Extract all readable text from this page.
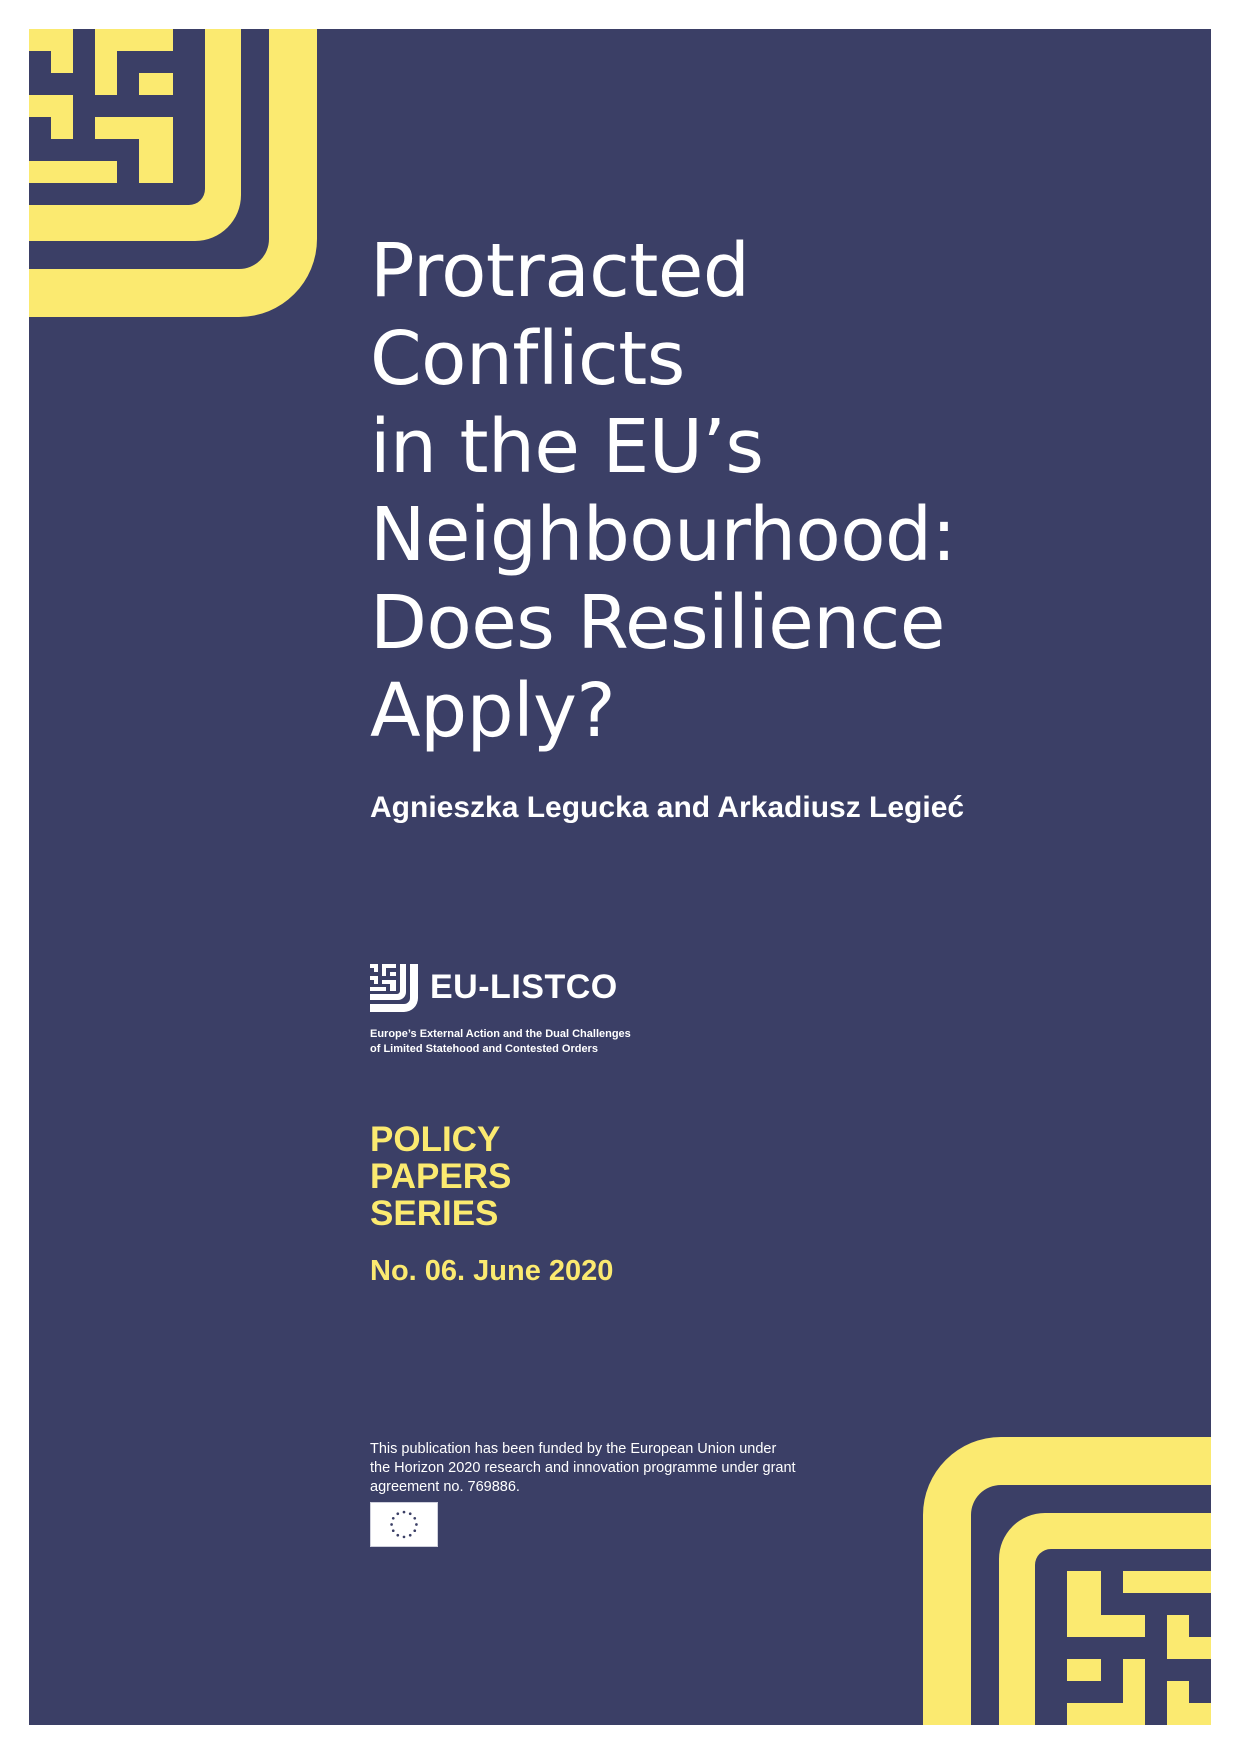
Protracted
Conflicts
in the EU’s
Neighbourhood:
Does Resilience
Apply?
Agnieszka Legucka and Arkadiusz Legieć
EU-LISTCO
Europe’s External Action and the Dual Challenges
of Limited Statehood and Contested Orders
POLICY
PAPERS
SERIES
No. 06. June 2020
This publication has been funded by the European Union under
the Horizon 2020 research and innovation programme under grant
agreement no. 769886.
